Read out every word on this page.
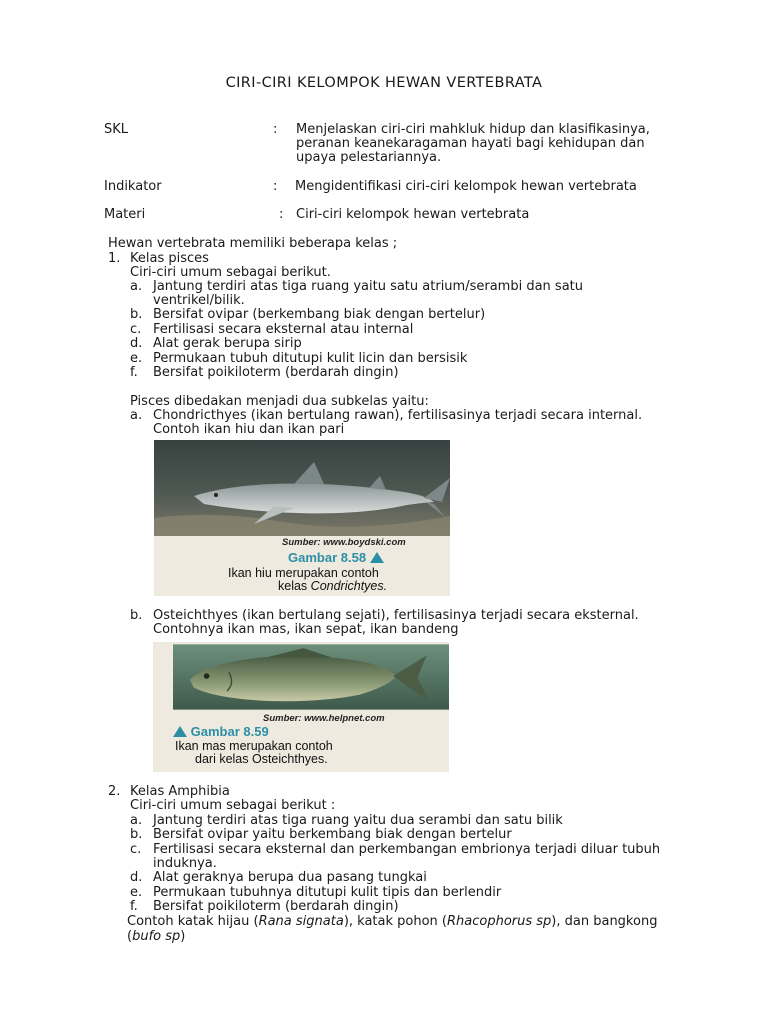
CIRI-CIRI KELOMPOK HEWAN VERTEBRATA
SKL	: Menjelaskan ciri-ciri mahkluk hidup dan klasifikasinya,
peranan keanekaragaman hayati bagi kehidupan dan
upaya pelestariannya.
Indikator	: Mengidentifikasi ciri-ciri kelompok hewan vertebrata
Materi	: Ciri-ciri kelompok hewan vertebrata
Hewan vertebrata memiliki beberapa kelas ;
1. Kelas pisces
Ciri-ciri umum sebagai berikut.
a. Jantung terdiri atas tiga ruang yaitu satu atrium/serambi dan satu
ventrikel/bilik.
b. Bersifat ovipar (berkembang biak dengan bertelur)
c. Fertilisasi secara eksternal atau internal
d. Alat gerak berupa sirip
e. Permukaan tubuh ditutupi kulit licin dan bersisik
f. Bersifat poikiloterm (berdarah dingin)
Pisces dibedakan menjadi dua subkelas yaitu:
a. Chondricthyes (ikan bertulang rawan), fertilisasinya terjadi secara internal.
Contoh ikan hiu dan ikan pari
Sumber: www.boydski.com
Gambar 8.58
Ikan hiu merupakan contoh
kelas Condrichtyes.
b. Osteichthyes (ikan bertulang sejati), fertilisasinya terjadi secara eksternal.
Contohnya ikan mas, ikan sepat, ikan bandeng
Sumber: www.helpnet.com
Gambar 8.59
Ikan mas merupakan contoh
dari kelas Osteichthyes.
2. Kelas Amphibia
Ciri-ciri umum sebagai berikut :
a. Jantung terdiri atas tiga ruang yaitu dua serambi dan satu bilik
b. Bersifat ovipar yaitu berkembang biak dengan bertelur
c. Fertilisasi secara eksternal dan perkembangan embrionya terjadi diluar tubuh
induknya.
d. Alat geraknya berupa dua pasang tungkai
e. Permukaan tubuhnya ditutupi kulit tipis dan berlendir
f. Bersifat poikiloterm (berdarah dingin)
Contoh katak hijau (Rana signata), katak pohon (Rhacophorus sp), dan bangkong
(bufo sp)
